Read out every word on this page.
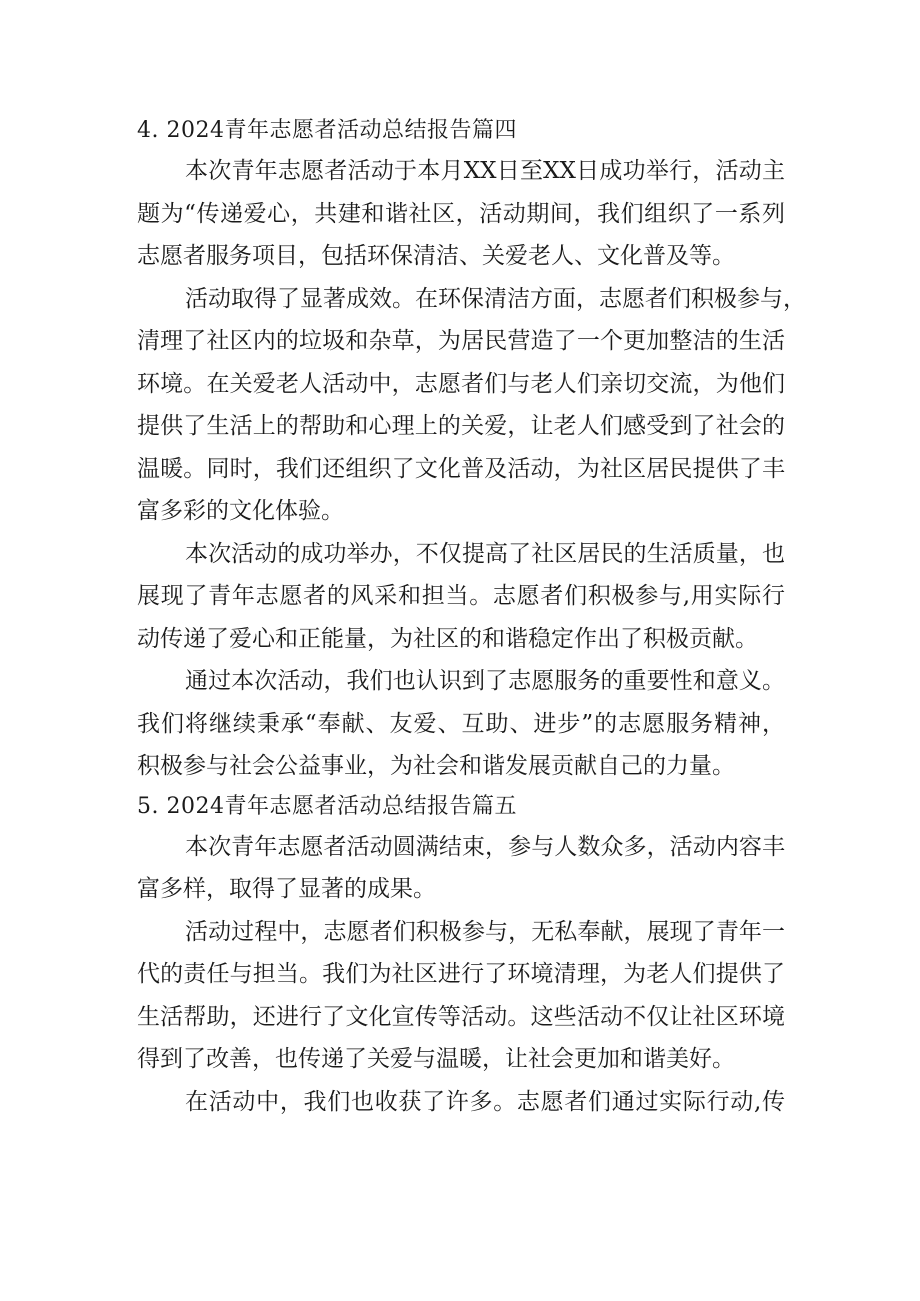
4. 2024青年志愿者活动总结报告篇四
本次青年志愿者活动于本月XX日至XX日成功举行，活动主
题为“传递爱心，共建和谐社区，活动期间，我们组织了一系列
志愿者服务项目，包括环保清洁、关爱老人、文化普及等。
活动取得了显著成效。在环保清洁方面，志愿者们积极参与，
清理了社区内的垃圾和杂草，为居民营造了一个更加整洁的生活
环境。在关爱老人活动中，志愿者们与老人们亲切交流，为他们
提供了生活上的帮助和心理上的关爱，让老人们感受到了社会的
温暖。同时，我们还组织了文化普及活动，为社区居民提供了丰
富多彩的文化体验。
本次活动的成功举办，不仅提高了社区居民的生活质量，也
展现了青年志愿者的风采和担当。志愿者们积极参与,用实际行
动传递了爱心和正能量，为社区的和谐稳定作出了积极贡献。
通过本次活动，我们也认识到了志愿服务的重要性和意义。
我们将继续秉承“奉献、友爱、互助、进步”的志愿服务精神，
积极参与社会公益事业，为社会和谐发展贡献自己的力量。
5. 2024青年志愿者活动总结报告篇五
本次青年志愿者活动圆满结束，参与人数众多，活动内容丰
富多样，取得了显著的成果。
活动过程中，志愿者们积极参与，无私奉献，展现了青年一
代的责任与担当。我们为社区进行了环境清理，为老人们提供了
生活帮助，还进行了文化宣传等活动。这些活动不仅让社区环境
得到了改善，也传递了关爱与温暖，让社会更加和谐美好。
在活动中，我们也收获了许多。志愿者们通过实际行动,传
